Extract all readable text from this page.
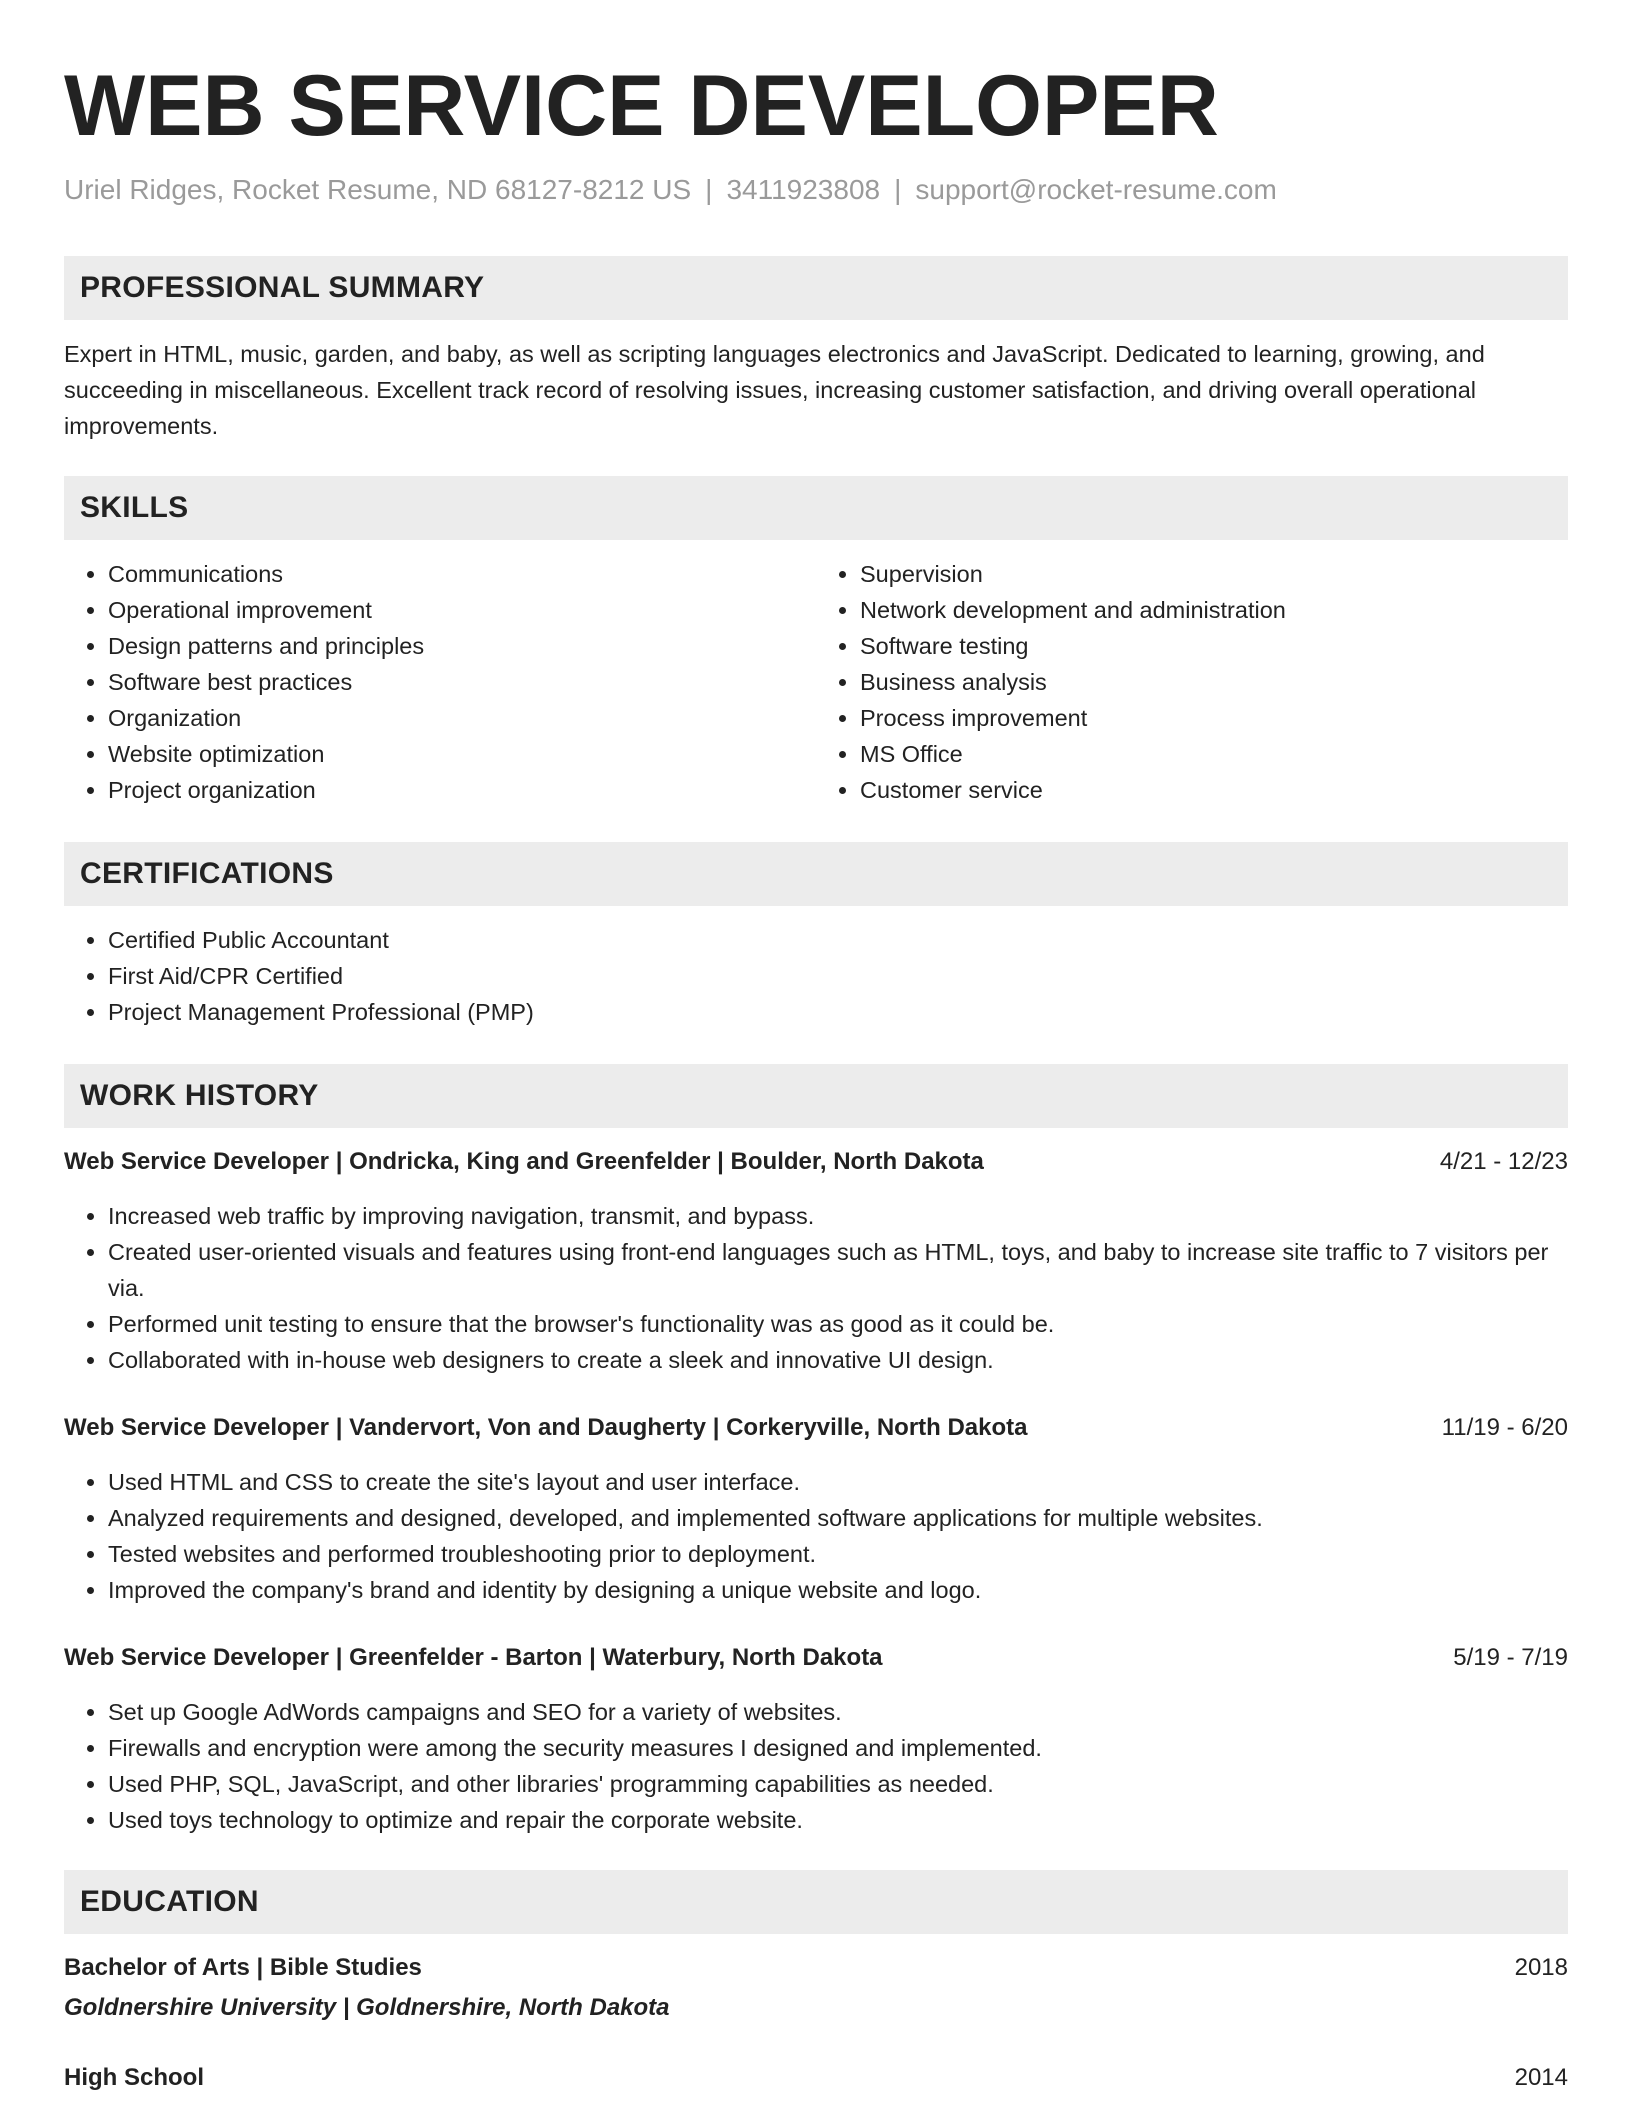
WEB SERVICE DEVELOPER
Uriel Ridges, Rocket Resume, ND 68127-8212 US | 3411923808 | support@rocket-resume.com
PROFESSIONAL SUMMARY

Expert in HTML, music, garden, and baby, as well as scripting languages electronics and JavaScript. Dedicated to learning, growing, and succeeding in miscellaneous. Excellent track record of resolving issues, increasing customer satisfaction, and driving overall operational improvements.

SKILLS
• Communications
• Operational improvement
• Design patterns and principles
• Software best practices
• Organization
• Website optimization
• Project organization
• Supervision
• Network development and administration
• Software testing
• Business analysis
• Process improvement
• MS Office
• Customer service
CERTIFICATIONS
• Certified Public Accountant
• First Aid/CPR Certified
• Project Management Professional (PMP)
WORK HISTORY
Web Service Developer | Ondricka, King and Greenfelder | Boulder, North Dakota	4/21 - 12/23
• Increased web traffic by improving navigation, transmit, and bypass.
• Created user-oriented visuals and features using front-end languages such as HTML, toys, and baby to increase site traffic to 7 visitors per via.
• Performed unit testing to ensure that the browser's functionality was as good as it could be.
• Collaborated with in-house web designers to create a sleek and innovative UI design.
Web Service Developer | Vandervort, Von and Daugherty | Corkeryville, North Dakota	11/19 - 6/20
• Used HTML and CSS to create the site's layout and user interface.
• Analyzed requirements and designed, developed, and implemented software applications for multiple websites.
• Tested websites and performed troubleshooting prior to deployment.
• Improved the company's brand and identity by designing a unique website and logo.
Web Service Developer | Greenfelder - Barton | Waterbury, North Dakota	5/19 - 7/19
• Set up Google AdWords campaigns and SEO for a variety of websites.
• Firewalls and encryption were among the security measures I designed and implemented.
• Used PHP, SQL, JavaScript, and other libraries' programming capabilities as needed.
• Used toys technology to optimize and repair the corporate website.
EDUCATION
Bachelor of Arts | Bible Studies	2018
Goldnershire University | Goldnershire, North Dakota
High School	2014
